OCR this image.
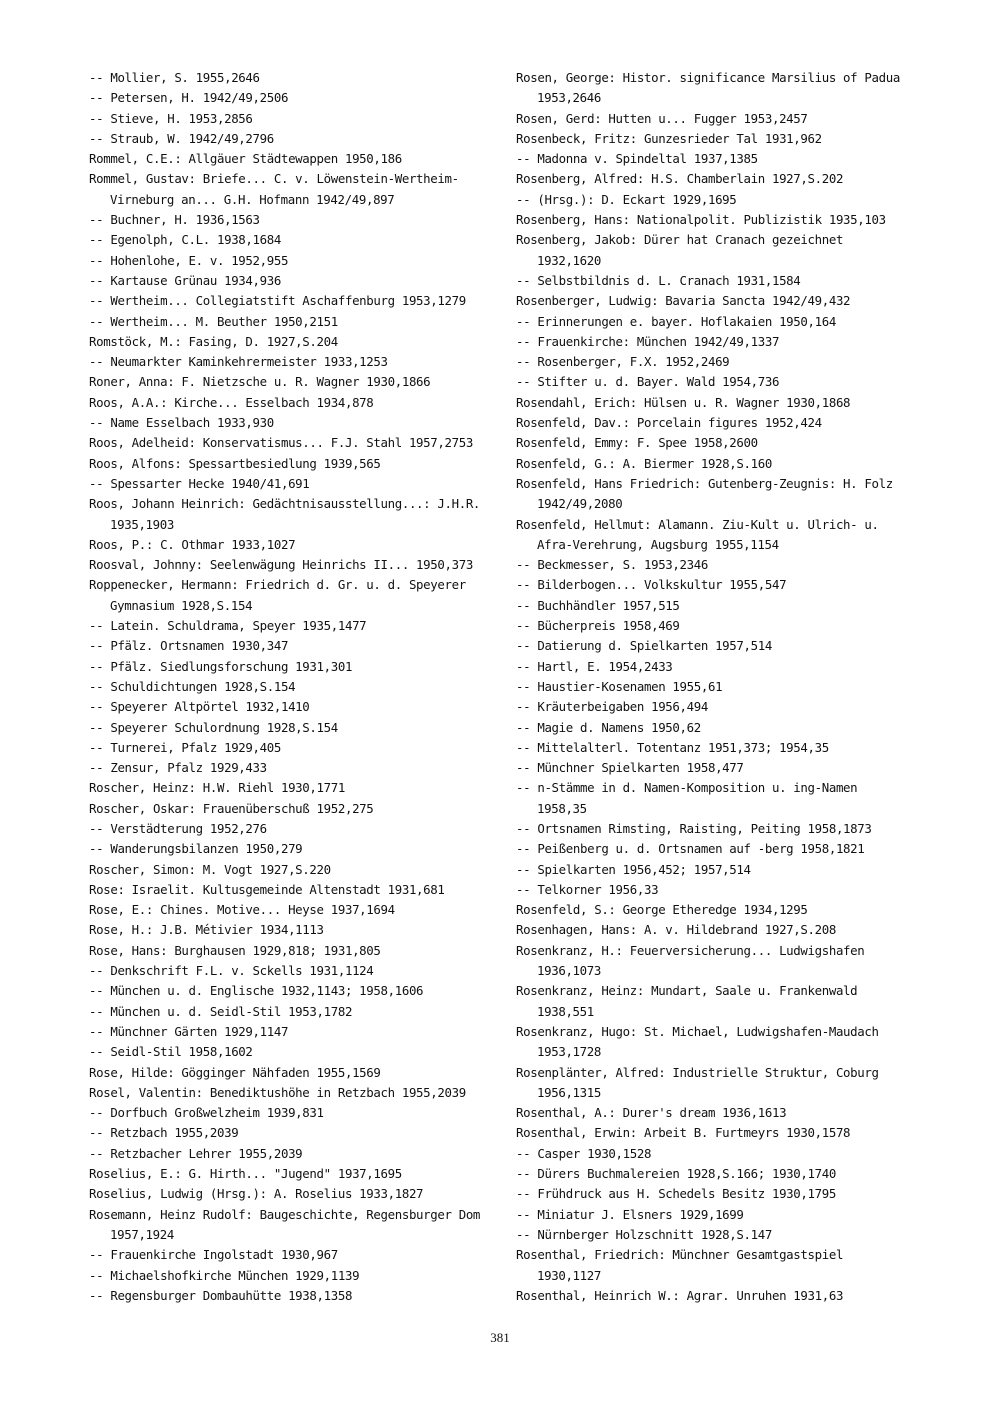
-- Mollier, S. 1955,2646
-- Petersen, H. 1942/49,2506
-- Stieve, H. 1953,2856
-- Straub, W. 1942/49,2796
Rommel, C.E.: Allgäuer Städtewappen 1950,186
Rommel, Gustav: Briefe... C. v. Löwenstein-Wertheim-
Virneburg an... G.H. Hofmann 1942/49,897
-- Buchner, H. 1936,1563
-- Egenolph, C.L. 1938,1684
-- Hohenlohe, E. v. 1952,955
-- Kartause Grünau 1934,936
-- Wertheim... Collegiatstift Aschaffenburg 1953,1279
-- Wertheim... M. Beuther 1950,2151
Romstöck, M.: Fasing, D. 1927,S.204
-- Neumarkter Kaminkehrermeister 1933,1253
Roner, Anna: F. Nietzsche u. R. Wagner 1930,1866
Roos, A.A.: Kirche... Esselbach 1934,878
-- Name Esselbach 1933,930
Roos, Adelheid: Konservatismus... F.J. Stahl 1957,2753
Roos, Alfons: Spessartbesiedlung 1939,565
-- Spessarter Hecke 1940/41,691
Roos, Johann Heinrich: Gedächtnisausstellung...: J.H.R.
1935,1903
Roos, P.: C. Othmar 1933,1027
Roosval, Johnny: Seelenwägung Heinrichs II... 1950,373
Roppenecker, Hermann: Friedrich d. Gr. u. d. Speyerer
Gymnasium 1928,S.154
-- Latein. Schuldrama, Speyer 1935,1477
-- Pfälz. Ortsnamen 1930,347
-- Pfälz. Siedlungsforschung 1931,301
-- Schuldichtungen 1928,S.154
-- Speyerer Altpörtel 1932,1410
-- Speyerer Schulordnung 1928,S.154
-- Turnerei, Pfalz 1929,405
-- Zensur, Pfalz 1929,433
Roscher, Heinz: H.W. Riehl 1930,1771
Roscher, Oskar: Frauenüberschuß 1952,275
-- Verstädterung 1952,276
-- Wanderungsbilanzen 1950,279
Roscher, Simon: M. Vogt 1927,S.220
Rose: Israelit. Kultusgemeinde Altenstadt 1931,681
Rose, E.: Chines. Motive... Heyse 1937,1694
Rose, H.: J.B. Métivier 1934,1113
Rose, Hans: Burghausen 1929,818; 1931,805
-- Denkschrift F.L. v. Sckells 1931,1124
-- München u. d. Englische 1932,1143; 1958,1606
-- München u. d. Seidl-Stil 1953,1782
-- Münchner Gärten 1929,1147
-- Seidl-Stil 1958,1602
Rose, Hilde: Gögginger Nähfaden 1955,1569
Rosel, Valentin: Benediktushöhe in Retzbach 1955,2039
-- Dorfbuch Großwelzheim 1939,831
-- Retzbach 1955,2039
-- Retzbacher Lehrer 1955,2039
Roselius, E.: G. Hirth... "Jugend" 1937,1695
Roselius, Ludwig (Hrsg.): A. Roselius 1933,1827
Rosemann, Heinz Rudolf: Baugeschichte, Regensburger Dom
1957,1924
-- Frauenkirche Ingolstadt 1930,967
-- Michaelshofkirche München 1929,1139
-- Regensburger Dombauhütte 1938,1358
Rosen, George: Histor. significance Marsilius of Padua
1953,2646
Rosen, Gerd: Hutten u... Fugger 1953,2457
Rosenbeck, Fritz: Gunzesrieder Tal 1931,962
-- Madonna v. Spindeltal 1937,1385
Rosenberg, Alfred: H.S. Chamberlain 1927,S.202
-- (Hrsg.): D. Eckart 1929,1695
Rosenberg, Hans: Nationalpolit. Publizistik 1935,103
Rosenberg, Jakob: Dürer hat Cranach gezeichnet
1932,1620
-- Selbstbildnis d. L. Cranach 1931,1584
Rosenberger, Ludwig: Bavaria Sancta 1942/49,432
-- Erinnerungen e. bayer. Hoflakaien 1950,164
-- Frauenkirche: München 1942/49,1337
-- Rosenberger, F.X. 1952,2469
-- Stifter u. d. Bayer. Wald 1954,736
Rosendahl, Erich: Hülsen u. R. Wagner 1930,1868
Rosenfeld, Dav.: Porcelain figures 1952,424
Rosenfeld, Emmy: F. Spee 1958,2600
Rosenfeld, G.: A. Biermer 1928,S.160
Rosenfeld, Hans Friedrich: Gutenberg-Zeugnis: H. Folz
1942/49,2080
Rosenfeld, Hellmut: Alamann. Ziu-Kult u. Ulrich- u.
Afra-Verehrung, Augsburg 1955,1154
-- Beckmesser, S. 1953,2346
-- Bilderbogen... Volkskultur 1955,547
-- Buchhändler 1957,515
-- Bücherpreis 1958,469
-- Datierung d. Spielkarten 1957,514
-- Hartl, E. 1954,2433
-- Haustier-Kosenamen 1955,61
-- Kräuterbeigaben 1956,494
-- Magie d. Namens 1950,62
-- Mittelalterl. Totentanz 1951,373; 1954,35
-- Münchner Spielkarten 1958,477
-- n-Stämme in d. Namen-Komposition u. ing-Namen
1958,35
-- Ortsnamen Rimsting, Raisting, Peiting 1958,1873
-- Peißenberg u. d. Ortsnamen auf -berg 1958,1821
-- Spielkarten 1956,452; 1957,514
-- Telkorner 1956,33
Rosenfeld, S.: George Etheredge 1934,1295
Rosenhagen, Hans: A. v. Hildebrand 1927,S.208
Rosenkranz, H.: Feuerversicherung... Ludwigshafen
1936,1073
Rosenkranz, Heinz: Mundart, Saale u. Frankenwald
1938,551
Rosenkranz, Hugo: St. Michael, Ludwigshafen-Maudach
1953,1728
Rosenplänter, Alfred: Industrielle Struktur, Coburg
1956,1315
Rosenthal, A.: Durer's dream 1936,1613
Rosenthal, Erwin: Arbeit B. Furtmeyrs 1930,1578
-- Casper 1930,1528
-- Dürers Buchmalereien 1928,S.166; 1930,1740
-- Frühdruck aus H. Schedels Besitz 1930,1795
-- Miniatur J. Elsners 1929,1699
-- Nürnberger Holzschnitt 1928,S.147
Rosenthal, Friedrich: Münchner Gesamtgastspiel
1930,1127
Rosenthal, Heinrich W.: Agrar. Unruhen 1931,63
381
